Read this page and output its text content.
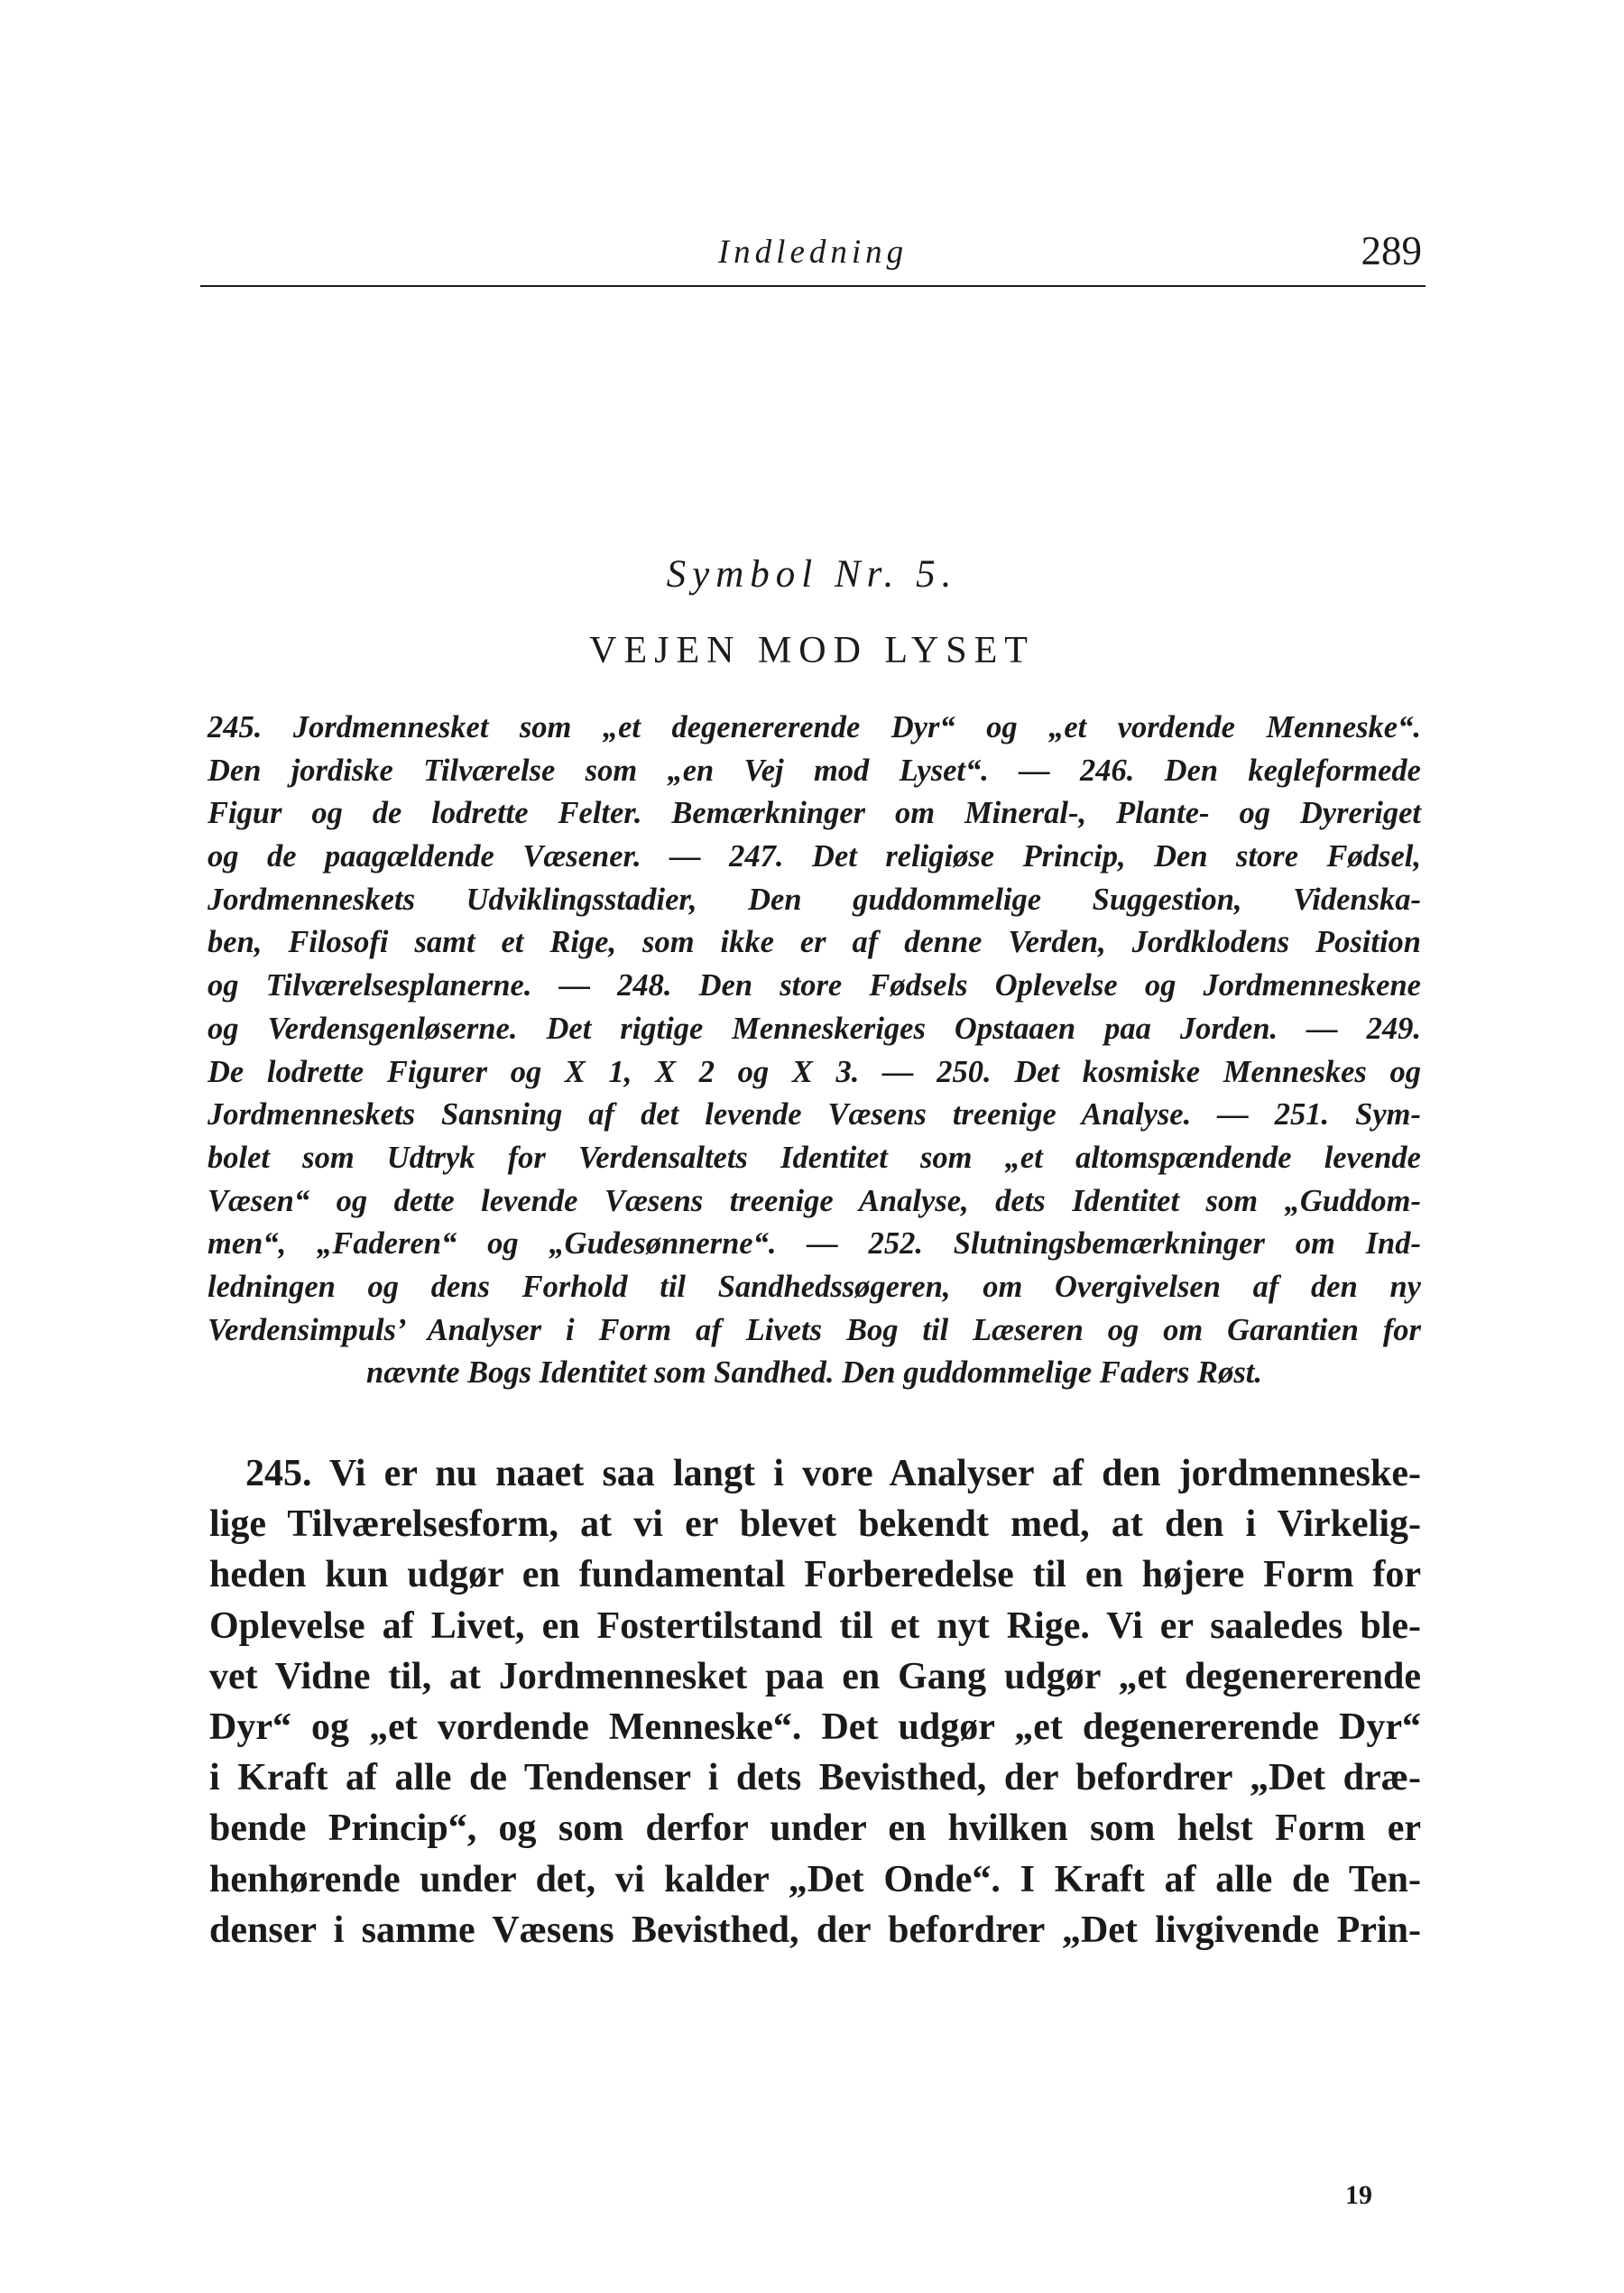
Indledning	289
Symbol Nr. 5.
VEJEN MOD LYSET
245. Jordmennesket som „et degenererende Dyr“ og „et vordende Menneske“.
Den jordiske Tilværelse som „en Vej mod Lyset“. — 246. Den kegleformede
Figur og de lodrette Felter. Bemærkninger om Mineral-, Plante- og Dyreriget
og de paagældende Væsener. — 247. Det religiøse Princip, Den store Fødsel,
Jordmenneskets Udviklingsstadier, Den guddommelige Suggestion, Videnska-
ben, Filosofi samt et Rige, som ikke er af denne Verden, Jordklodens Position
og Tilværelsesplanerne. — 248. Den store Fødsels Oplevelse og Jordmenneskene
og Verdensgenløserne. Det rigtige Menneskeriges Opstaaen paa Jorden. — 249.
De lodrette Figurer og X 1, X 2 og X 3. — 250. Det kosmiske Menneskes og
Jordmenneskets Sansning af det levende Væsens treenige Analyse. — 251. Sym-
bolet som Udtryk for Verdensaltets Identitet som „et altomspændende levende
Væsen“ og dette levende Væsens treenige Analyse, dets Identitet som „Guddom-
men“, „Faderen“ og „Gudesønnerne“. — 252. Slutningsbemærkninger om Ind-
ledningen og dens Forhold til Sandhedssøgeren, om Overgivelsen af den ny
Verdensimpuls’ Analyser i Form af Livets Bog til Læseren og om Garantien for
nævnte Bogs Identitet som Sandhed. Den guddommelige Faders Røst.
245. Vi er nu naaet saa langt i vore Analyser af den jordmenneske-
lige Tilværelsesform, at vi er blevet bekendt med, at den i Virkelig-
heden kun udgør en fundamental Forberedelse til en højere Form for
Oplevelse af Livet, en Fostertilstand til et nyt Rige. Vi er saaledes ble-
vet Vidne til, at Jordmennesket paa en Gang udgør „et degenererende
Dyr“ og „et vordende Menneske“. Det udgør „et degenererende Dyr“
i Kraft af alle de Tendenser i dets Bevisthed, der befordrer „Det dræ-
bende Princip“, og som derfor under en hvilken som helst Form er
henhørende under det, vi kalder „Det Onde“. I Kraft af alle de Ten-
denser i samme Væsens Bevisthed, der befordrer „Det livgivende Prin-
19
